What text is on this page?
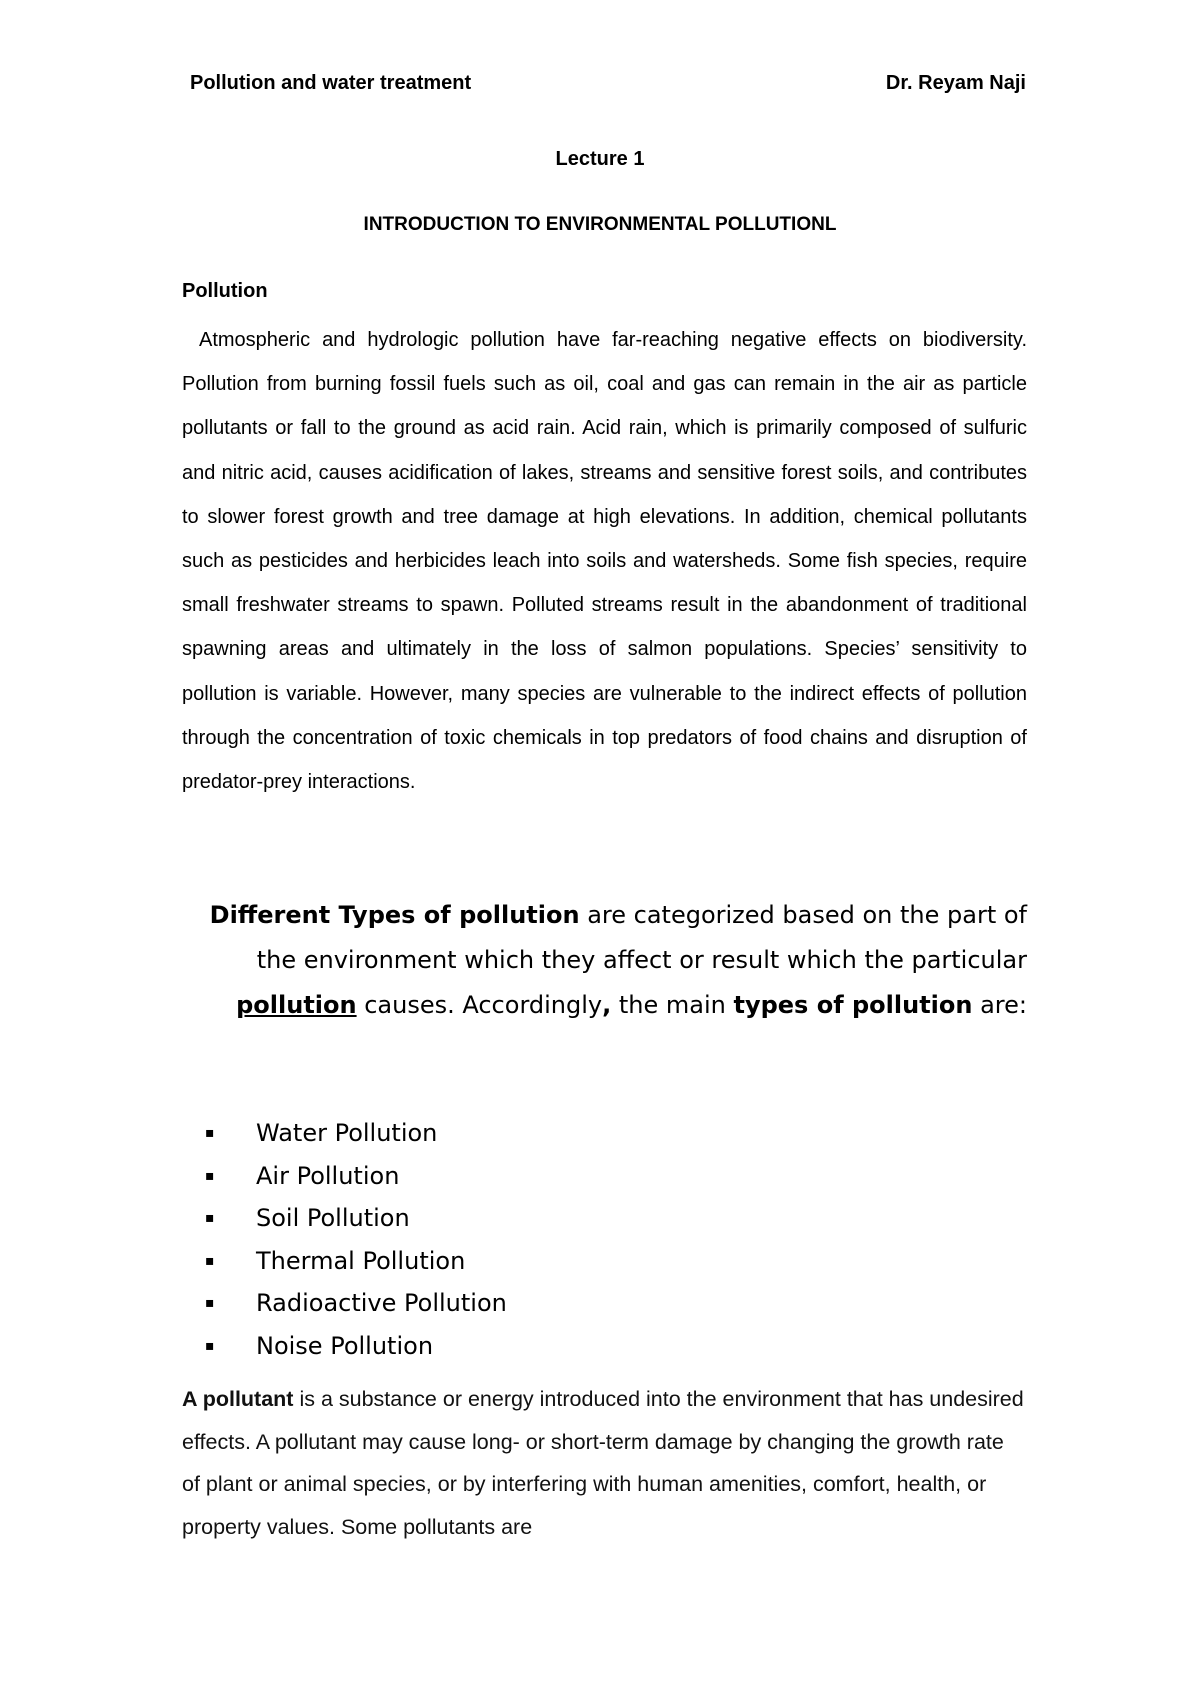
Pollution and water treatment	Dr. Reyam Naji
Lecture 1
INTRODUCTION TO ENVIRONMENTAL POLLUTIONL
Pollution
Atmospheric and hydrologic pollution have far-reaching negative effects on biodiversity. Pollution from burning fossil fuels such as oil, coal and gas can remain in the air as particle pollutants or fall to the ground as acid rain. Acid rain, which is primarily composed of sulfuric and nitric acid, causes acidification of lakes, streams and sensitive forest soils, and contributes to slower forest growth and tree damage at high elevations. In addition, chemical pollutants such as pesticides and herbicides leach into soils and watersheds. Some fish species, require small freshwater streams to spawn. Polluted streams result in the abandonment of traditional spawning areas and ultimately in the loss of salmon populations. Species’ sensitivity to pollution is variable. However, many species are vulnerable to the indirect effects of pollution through the concentration of toxic chemicals in top predators of food chains and disruption of predator-prey interactions.
Different Types of pollution are categorized based on the part of the environment which they affect or result which the particular pollution causes. Accordingly, the main types of pollution are:
▪	Water Pollution
▪	Air Pollution
▪	Soil Pollution
▪	Thermal Pollution
▪	Radioactive Pollution
▪	Noise Pollution
A pollutant is a substance or energy introduced into the environment that has undesired effects. A pollutant may cause long- or short-term damage by changing the growth rate of plant or animal species, or by interfering with human amenities, comfort, health, or property values. Some pollutants are
